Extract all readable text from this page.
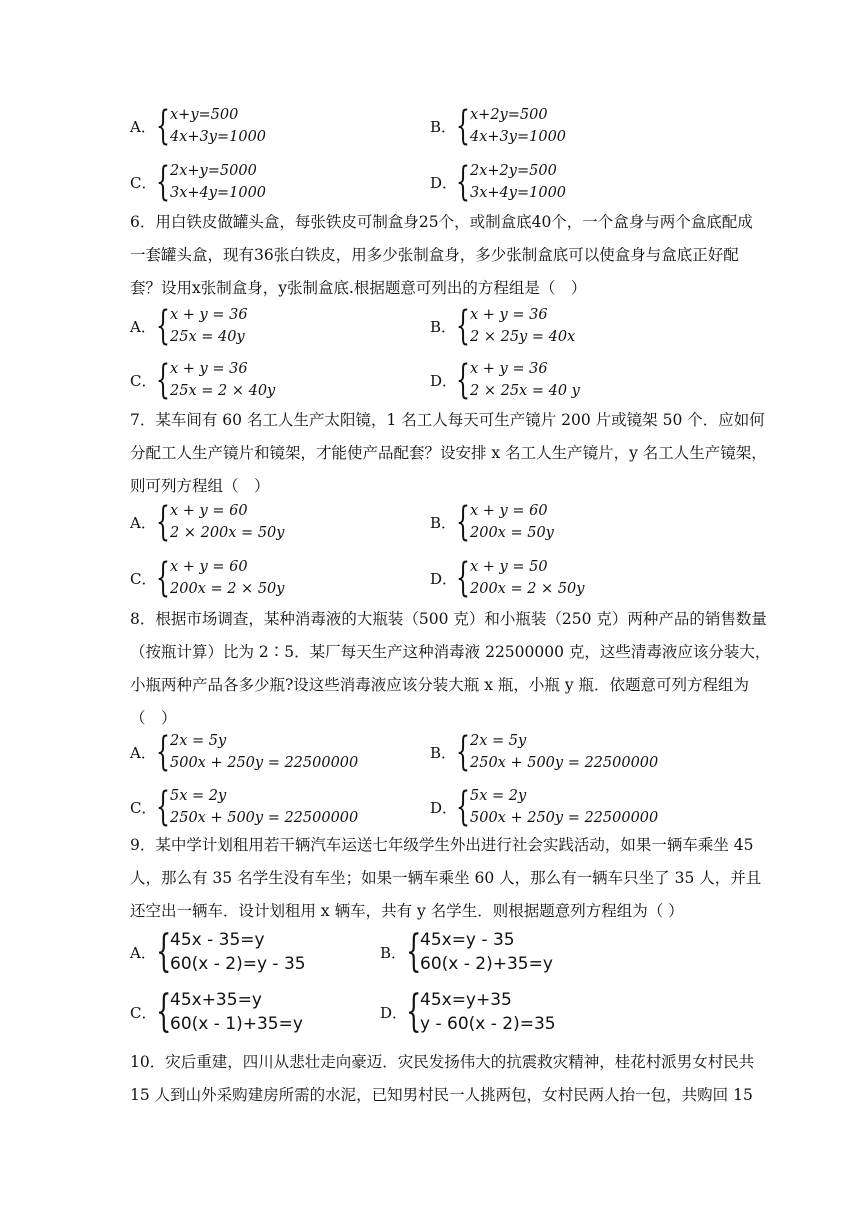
A． { x+y=500
4x+3y=1000
B． { x+2y=500
4x+3y=1000
C． { 2x+y=5000
3x+4y=1000
D．
{ 2x+2y=500
3x+4y=1000
6．用白铁皮做罐头盒，每张铁皮可制盒身25个，或制盒底40个，一个盒身与两个盒底配成
一套罐头盒，现有36张白铁皮，用多少张制盒身，多少张制盒底可以使盒身与盒底正好配
套？设用x张制盒身，y张制盒底.根据题意可列出的方程组是（　）
A． { x + y = 36
25x = 40y
B． { x + y = 36
2 × 25y = 40x
C． { x + y = 36
25x = 2 × 40y
D．
{ x + y = 36
2 × 25x = 40 y
7．某车间有 60 名工人生产太阳镜，1 名工人每天可生产镜片 200 片或镜架 50 个．应如何
分配工人生产镜片和镜架，才能使产品配套？设安排 x 名工人生产镜片，y 名工人生产镜架，
则可列方程组（　）
A． { x + y = 60
2 × 200x = 50y
B． { x + y = 60
200x = 50y
C． { x + y = 60
200x = 2 × 50y
D．
{ x + y = 50
200x = 2 × 50y
8．根据市场调查，某种消毒液的大瓶装（500 克）和小瓶装（250 克）两种产品的销售数量
（按瓶计算）比为 2∶5．某厂每天生产这种消毒液 22500000 克，这些清毒液应该分装大，
小瓶两种产品各多少瓶?设这些消毒液应该分装大瓶 x 瓶，小瓶 y 瓶．依题意可列方程组为
（　）
A． { 2x = 5y
500x + 250y = 22500000
B． { 2x = 5y
250x + 500y = 22500000
C． { 5x = 2y
250x + 500y = 22500000
D．
{ 5x = 2y
500x + 250y = 22500000
9．某中学计划租用若干辆汽车运送七年级学生外出进行社会实践活动，如果一辆车乘坐 45
人，那么有 35 名学生没有车坐；如果一辆车乘坐 60 人，那么有一辆车只坐了 35 人，并且
还空出一辆车．设计划租用 x 辆车，共有 y 名学生．则根据题意列方程组为（ ）
A． {
45x - 35=y
60(x - 2)=y - 35
B． {
45x=y - 35
60(x - 2)+35=y
C． {
45x+35=y
60(x - 1)+35=y
D．
{
45x=y+35
y - 60(x - 2)=35
10．灾后重建，四川从悲壮走向豪迈．灾民发扬伟大的抗震救灾精神，桂花村派男女村民共
15 人到山外采购建房所需的水泥，已知男村民一人挑两包，女村民两人抬一包，共购回 15
